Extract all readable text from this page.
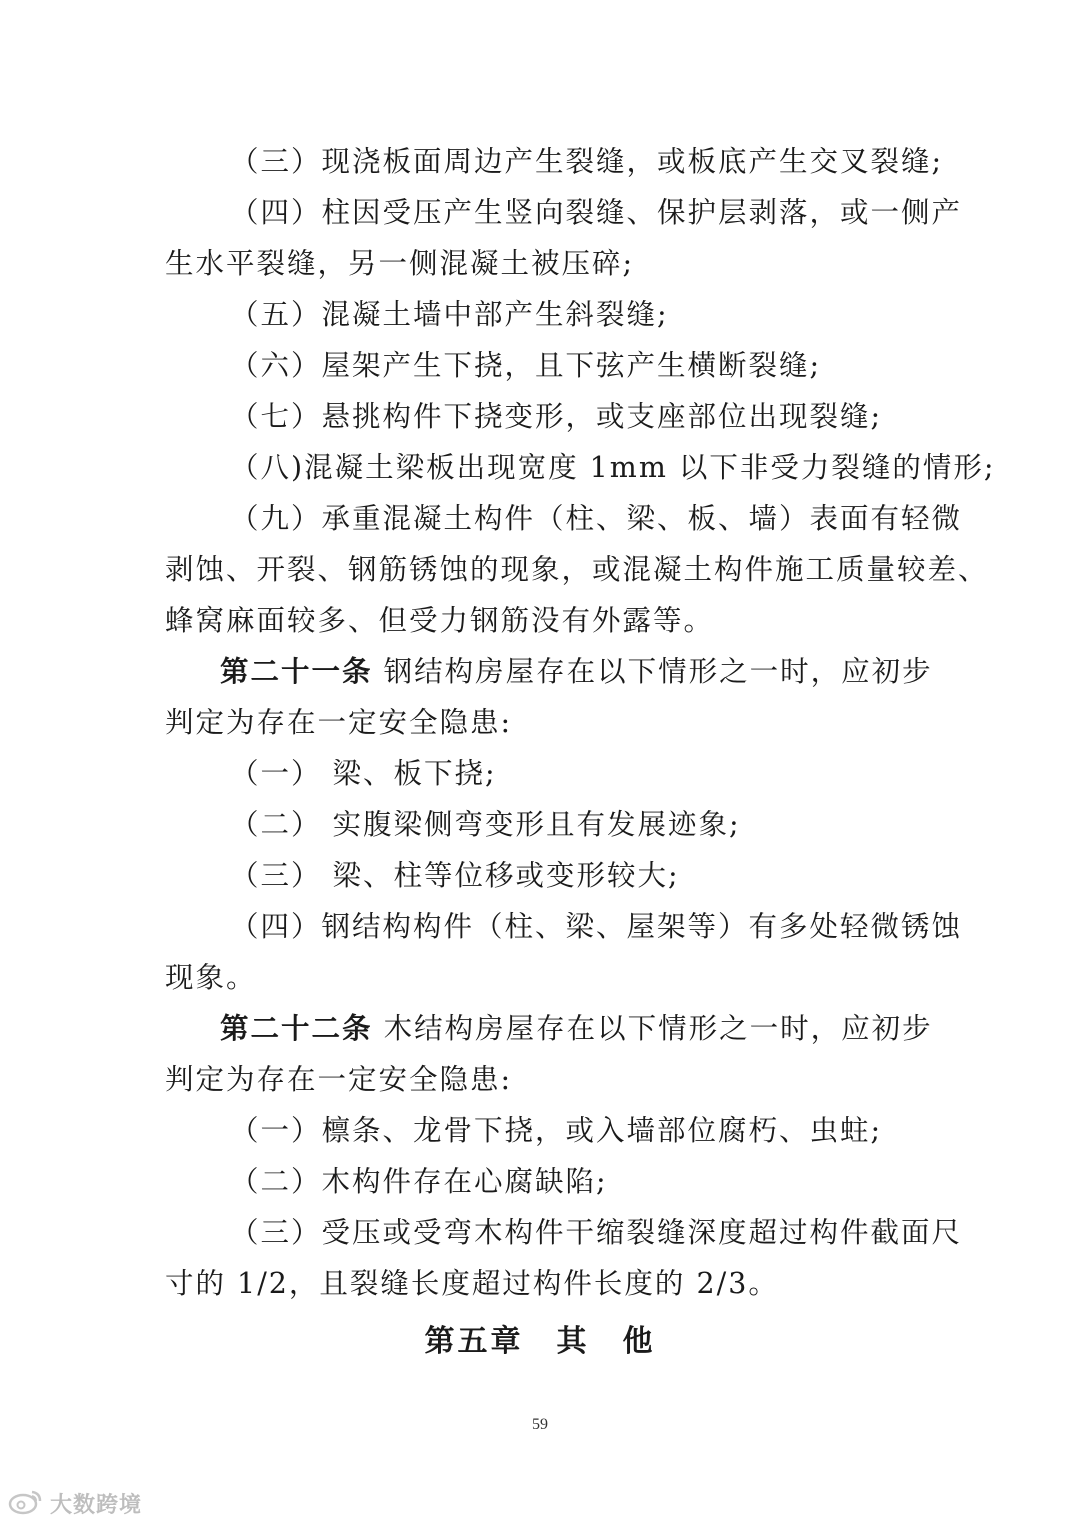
（三）现浇板面周边产生裂缝，或板底产生交叉裂缝;
（四）柱因受压产生竖向裂缝、保护层剥落，或一侧产
生水平裂缝，另一侧混凝土被压碎;
（五）混凝土墙中部产生斜裂缝;
（六）屋架产生下挠，且下弦产生横断裂缝;
（七）悬挑构件下挠变形，或支座部位出现裂缝;
（八)混凝土梁板出现宽度 1mm 以下非受力裂缝的情形;
（九）承重混凝土构件（柱、梁、板、墙）表面有轻微
剥蚀、开裂、钢筋锈蚀的现象，或混凝土构件施工质量较差、
蜂窝麻面较多、但受力钢筋没有外露等。
第二十一条 钢结构房屋存在以下情形之一时，应初步
判定为存在一定安全隐患:
（一） 梁、板下挠;
（二） 实腹梁侧弯变形且有发展迹象;
（三） 梁、柱等位移或变形较大;
（四）钢结构构件（柱、梁、屋架等）有多处轻微锈蚀
现象。
第二十二条 木结构房屋存在以下情形之一时，应初步
判定为存在一定安全隐患:
（一）檩条、龙骨下挠，或入墙部位腐朽、虫蛀;
（二）木构件存在心腐缺陷;
（三）受压或受弯木构件干缩裂缝深度超过构件截面尺
寸的 1/2，且裂缝长度超过构件长度的 2/3。
第五章　其　他
59
大数跨境
